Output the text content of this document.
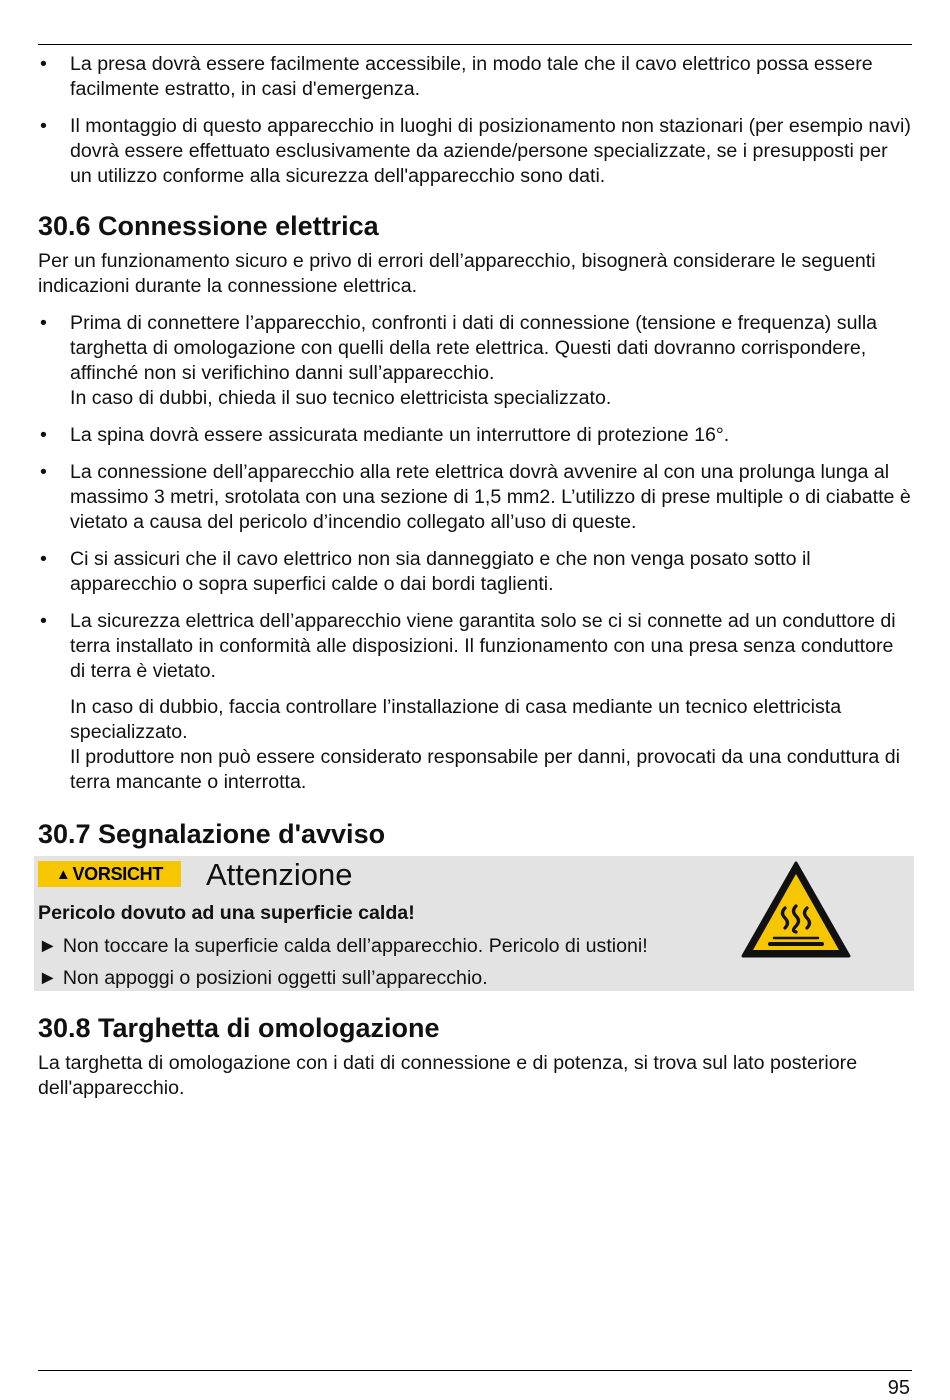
• La presa dovrà essere facilmente accessibile, in modo tale che il cavo elettrico possa essere facilmente estratto, in casi d'emergenza.
• Il montaggio di questo apparecchio in luoghi di posizionamento non stazionari (per esempio navi) dovrà essere effettuato esclusivamente da aziende/persone specializzate, se i presupposti per un utilizzo conforme alla sicurezza dell'apparecchio sono dati.
30.6 Connessione elettrica

Per un funzionamento sicuro e privo di errori dell’apparecchio, bisognerà considerare le seguenti indicazioni durante la connessione elettrica.

• Prima di connettere l’apparecchio, confronti i dati di connessione (tensione e frequenza) sulla targhetta di omologazione con quelli della rete elettrica. Questi dati dovranno corrispondere, affinché non si verifichino danni sull’apparecchio.
In caso di dubbi, chieda il suo tecnico elettricista specializzato.
• La spina dovrà essere assicurata mediante un interruttore di protezione 16°.
• La connessione dell’apparecchio alla rete elettrica dovrà avvenire al con una prolunga lunga al massimo 3 metri, srotolata con una sezione di 1,5 mm2. L’utilizzo di prese multiple o di ciabatte è vietato a causa del pericolo d’incendio collegato all’uso di queste.
• Ci si assicuri che il cavo elettrico non sia danneggiato e che non venga posato sotto il apparecchio o sopra superfici calde o dai bordi taglienti.
• La sicurezza elettrica dell’apparecchio viene garantita solo se ci si connette ad un conduttore di terra installato in conformità alle disposizioni. Il funzionamento con una presa senza conduttore di terra è vietato.
In caso di dubbio, faccia controllare l’installazione di casa mediante un tecnico elettricista specializzato.
Il produttore non può essere considerato responsabile per danni, provocati da una conduttura di terra mancante o interrotta.
30.7 Segnalazione d'avviso
▲ VORSICHT Attenzione
Pericolo dovuto ad una superficie calda!
► Non toccare la superficie calda dell’apparecchio. Pericolo di ustioni!
► Non appoggi o posizioni oggetti sull’apparecchio.
30.8 Targhetta di omologazione

La targhetta di omologazione con i dati di connessione e di potenza, si trova sul lato posteriore dell'apparecchio.

95
